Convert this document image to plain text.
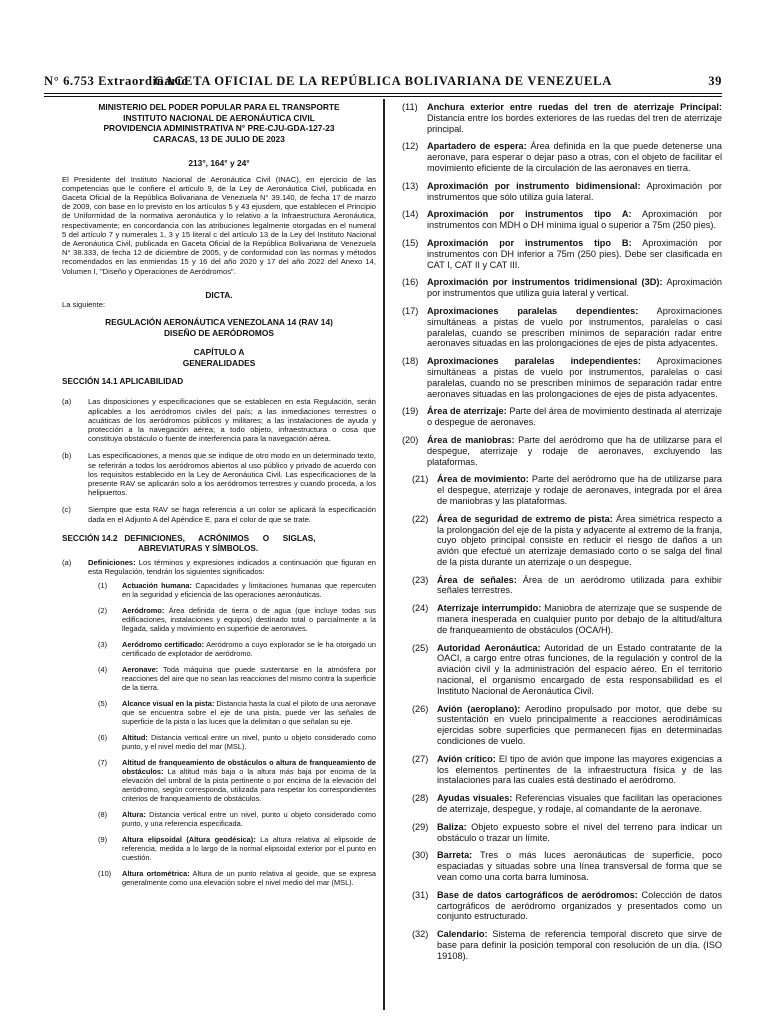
N° 6.753 Extraordinario
GACETA OFICIAL DE LA REPÚBLICA BOLIVARIANA DE VENEZUELA	39
MINISTERIO DEL PODER POPULAR PARA EL TRANSPORTE
INSTITUTO NACIONAL DE AERONÁUTICA CIVIL
PROVIDENCIA ADMINISTRATIVA N° PRE-CJU-GDA-127-23
CARACAS, 13 DE JULIO DE 2023
213°, 164° y 24°
El Presidente del Instituto Nacional de Aeronáutica Civil (INAC), en ejercicio de las competencias que le confiere el artículo 9, de la Ley de Aeronáutica Civil, publicada en Gaceta Oficial de la República Bolivariana de Venezuela N° 39.140, de fecha 17 de marzo de 2009, con base en lo previsto en los artículos 5 y 43 ejusdem, que establecen el Principio de Uniformidad de la normativa aeronáutica y lo relativo a la Infraestructura Aeronáutica, respectivamente; en concordancia con las atribuciones legalmente otorgadas en el numeral 5 del artículo 7 y numerales 1, 3 y 15 literal c del artículo 13 de la Ley del Instituto Nacional de Aeronáutica Civil, publicada en Gaceta Oficial de la República Bolivariana de Venezuela N° 38.333, de fecha 12 de diciembre de 2005, y de conformidad con las normas y métodos recomendados en las enmiendas 15 y 16 del año 2020 y 17 del año 2022 del Anexo 14, Volumen I, "Diseño y Operaciones de Aeródromos".
DICTA.
La siguiente:
REGULACIÓN AERONÁUTICA VENEZOLANA 14 (RAV 14)
DISEÑO DE AERÓDROMOS
CAPÍTULO A
GENERALIDADES
SECCIÓN 14.1 APLICABILIDAD
(a)	Las disposiciones y especificaciones que se establecen en esta Regulación, serán aplicables a los aeródromos civiles del país; a las inmediaciones terrestres o acuáticas de los aeródromos públicos y militares; a las instalaciones de ayuda y protección a la navegación aérea; a todo objeto, infraestructura o cosa que constituya obstáculo o fuente de interferencia para la navegación aérea.
(b)	Las especificaciones, a menos que se indique de otro modo en un determinado texto, se referirán a todos los aeródromos abiertos al uso público y privado de acuerdo con los requisitos establecido en la Ley de Aeronáutica Civil. Las especificaciones de la presente RAV se aplicarán solo a los aeródromos terrestres y cuando proceda, a los helipuertos.
(c)	Siempre que esta RAV se haga referencia a un color se aplicará la especificación dada en el Adjunto A del Apéndice E, para el color de que se trate.
SECCIÓN 14.2   DEFINICIONES,      ACRÓNIMOS      O      SIGLAS,
ABREVIATURAS Y SÍMBOLOS.
(a)	Definiciones: Los términos y expresiones indicados a continuación que figuran en esta Regulación, tendrán los siguientes significados:
(1)	Actuación humana: Capacidades y limitaciones humanas que repercuten en la seguridad y eficiencia de las operaciones aeronáuticas.
(2)	Aeródromo: Área definida de tierra o de agua (que incluye todas sus edificaciones, instalaciones y equipos) destinado total o parcialmente a la llegada, salida y movimiento en superficie de aeronaves.
(3)	Aeródromo certificado: Aeródromo a cuyo explorador se le ha otorgado un certificado de explotador de aeródromo.
(4)	Aeronave: Toda máquina que puede sustentarse en la atmósfera por reacciones del aire que no sean las reacciones del mismo contra la superficie de la tierra.
(5)	Alcance visual en la pista: Distancia hasta la cual el piloto de una aeronave que se encuentra sobre el eje de una pista, puede ver las señales de superficie de la pista o las luces que la delimitan o que señalan su eje.
(6)	Altitud: Distancia vertical entre un nivel, punto u objeto considerado como punto, y el nivel medio del mar (MSL).
(7)	Altitud de franqueamiento de obstáculos o altura de franqueamiento de obstáculos: La altitud más baja o la altura más baja por encima de la elevación del umbral de la pista pertinente o por encima de la elevación del aeródromo, según corresponda, utilizada para respetar los correspondientes criterios de franqueamiento de obstáculos.
(8)	Altura: Distancia vertical entre un nivel, punto u objeto considerado como punto, y una referencia especificada.
(9)	Altura elipsoidal (Altura geodésica): La altura relativa al elipsoide de referencia, medida a lo largo de la normal elipsoidal exterior por el punto en cuestión.
(10)	Altura ortométrica: Altura de un punto relativa al geoide, que se expresa generalmente como una elevación sobre el nivel medio del mar (MSL).
(11)	Anchura exterior entre ruedas del tren de aterrizaje Principal: Distancia entre los bordes exteriores de las ruedas del tren de aterrizaje principal.
(12) Apartadero de espera: Área definida en la que puede detenerse una aeronave, para esperar o dejar paso a otras, con el objeto de facilitar el movimiento eficiente de la circulación de las aeronaves en tierra.
(13) Aproximación por instrumento bidimensional: Aproximación por instrumentos que sólo utiliza guía lateral.
(14) Aproximación por instrumentos tipo A: Aproximación por instrumentos con MDH o DH mínima igual o superior a 75m (250 pies).
(15) Aproximación por instrumentos tipo B: Aproximación por instrumentos con DH inferior a 75m (250 pies). Debe ser clasificada en CAT I, CAT II y CAT III.
(16) Aproximación por instrumentos tridimensional (3D): Aproximación por instrumentos que utiliza guía lateral y vertical.
(17) Aproximaciones paralelas dependientes: Aproximaciones simultáneas a pistas de vuelo por instrumentos, paralelas o casi paralelas, cuando se prescriben mínimos de separación radar entre aeronaves situadas en las prolongaciones de ejes de pista adyacentes.
(18) Aproximaciones paralelas independientes: Aproximaciones simultáneas a pistas de vuelo por instrumentos, paralelas o casi paralelas, cuando no se prescriben mínimos de separación radar entre aeronaves situadas en las prolongaciones de ejes de pista adyacentes.
(19) Área de aterrizaje: Parte del área de movimiento destinada al aterrizaje o despegue de aeronaves.
(20) Área de maniobras: Parte del aeródromo que ha de utilizarse para el despegue, aterrizaje y rodaje de aeronaves, excluyendo las plataformas.
(21) Área de movimiento: Parte del aeródromo que ha de utilizarse para el despegue, aterrizaje y rodaje de aeronaves, integrada por el área de maniobras y las plataformas.
(22) Área de seguridad de extremo de pista: Área simétrica respecto a la prolongación del eje de la pista y adyacente al extremo de la franja, cuyo objeto principal consiste en reducir el riesgo de daños a un avión que efectué un aterrizaje demasiado corto o se salga del final de la pista durante un aterrizaje o un despegue.
(23) Área de señales: Área de un aeródromo utilizada para exhibir señales terrestres.
(24) Aterrizaje interrumpido: Maniobra de aterrizaje que se suspende de manera inesperada en cualquier punto por debajo de la altitud/altura de franqueamiento de obstáculos (OCA/H).
(25) Autoridad Aeronáutica: Autoridad de un Estado contratante de la OACI, a cargo entre otras funciones, de la regulación y control de la aviación civil y la administración del espacio aéreo. En el territorio nacional, el organismo encargado de esta responsabilidad es el Instituto Nacional de Aeronáutica Civil.
(26) Avión (aeroplano): Aerodino propulsado por motor, que debe su sustentación en vuelo principalmente a reacciones aerodinámicas ejercidas sobre superficies que permanecen fijas en determinadas condiciones de vuelo.
(27) Avión crítico: El tipo de avión que impone las mayores exigencias a los elementos pertinentes de la infraestructura física y de las instalaciones para las cuales está destinado el aeródromo.
(28) Ayudas visuales: Referencias visuales que facilitan las operaciones de aterrizaje, despegue, y rodaje, al comandante de la aeronave.
(29) Baliza: Objeto expuesto sobre el nivel del terreno para indicar un obstáculo o trazar un límite.
(30) Barreta: Tres o más luces aeronáuticas de superficie, poco espaciadas y situadas sobre una línea transversal de forma que se vean como una corta barra luminosa.
(31) Base de datos cartográficos de aeródromos: Colección de datos cartográficos de aeródromo organizados y presentados como un conjunto estructurado.
(32) Calendario: Sistema de referencia temporal discreto que sirve de base para definir la posición temporal con resolución de un día. (ISO 19108).
